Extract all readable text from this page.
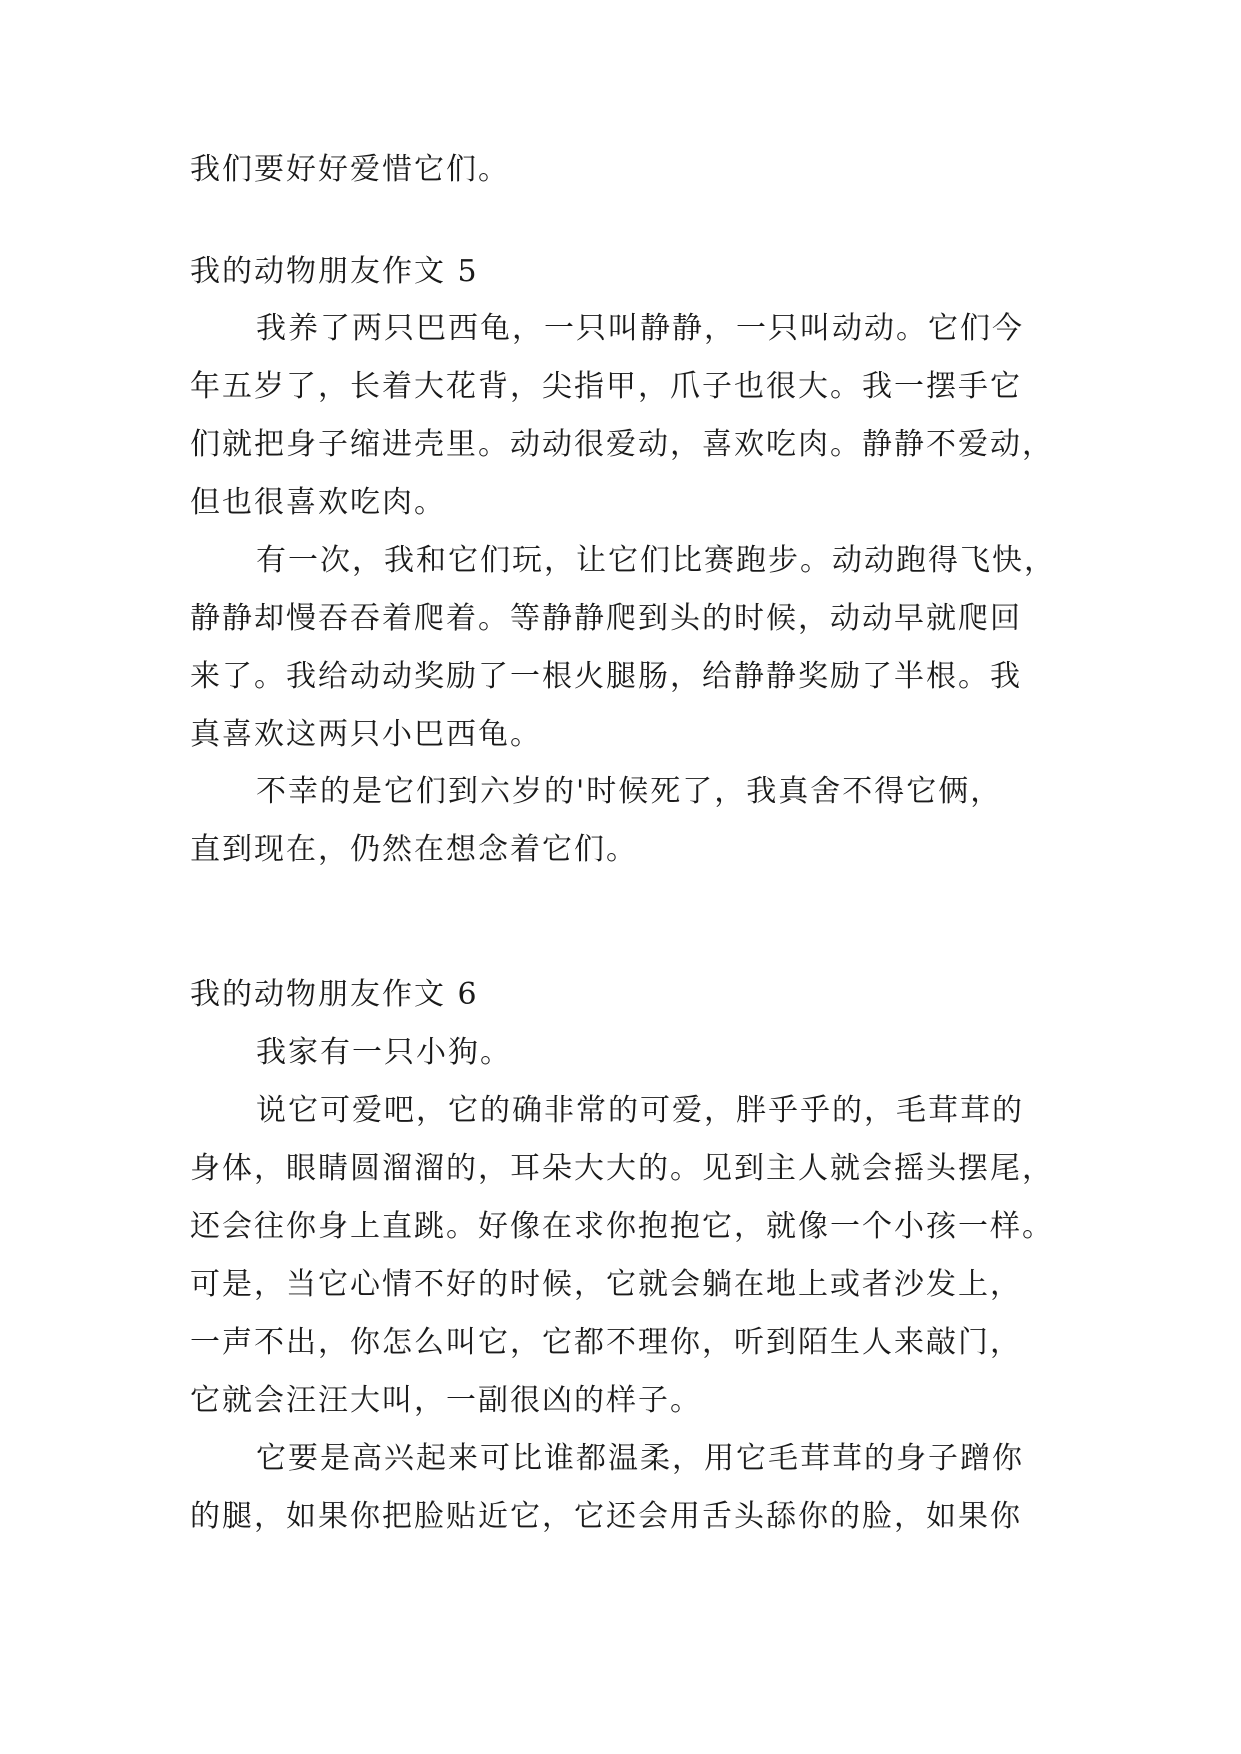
我们要好好爱惜它们。
我的动物朋友作文 5
我养了两只巴西龟，一只叫静静，一只叫动动。它们今
年五岁了，长着大花背，尖指甲，爪子也很大。我一摆手它
们就把身子缩进壳里。动动很爱动，喜欢吃肉。静静不爱动，
但也很喜欢吃肉。
有一次，我和它们玩，让它们比赛跑步。动动跑得飞快，
静静却慢吞吞着爬着。等静静爬到头的时候，动动早就爬回
来了。我给动动奖励了一根火腿肠，给静静奖励了半根。我
真喜欢这两只小巴西龟。
不幸的是它们到六岁的'时候死了，我真舍不得它俩，
直到现在，仍然在想念着它们。
我的动物朋友作文 6
我家有一只小狗。
说它可爱吧，它的确非常的可爱，胖乎乎的，毛茸茸的
身体，眼睛圆溜溜的，耳朵大大的。见到主人就会摇头摆尾，
还会往你身上直跳。好像在求你抱抱它，就像一个小孩一样。
可是，当它心情不好的时候，它就会躺在地上或者沙发上，
一声不出，你怎么叫它，它都不理你，听到陌生人来敲门，
它就会汪汪大叫，一副很凶的样子。
它要是高兴起来可比谁都温柔，用它毛茸茸的身子蹭你
的腿，如果你把脸贴近它，它还会用舌头舔你的脸，如果你
